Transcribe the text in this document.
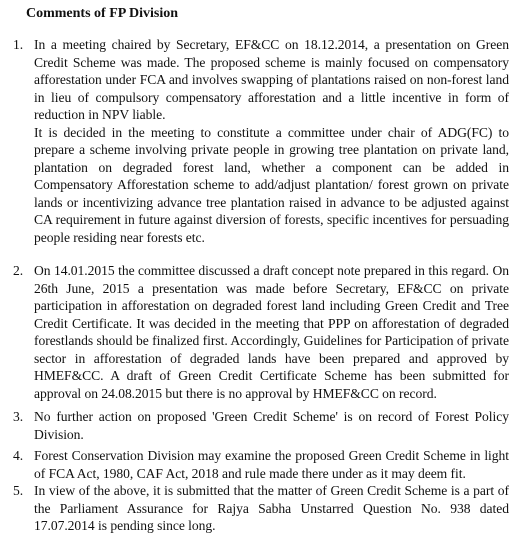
Comments of FP Division
1. In a meeting chaired by Secretary, EF&CC on 18.12.2014, a presentation on Green Credit Scheme was made. The proposed scheme is mainly focused on compensatory afforestation under FCA and involves swapping of plantations raised on non-forest land in lieu of compulsory compensatory afforestation and a little incentive in form of reduction in NPV liable.

It is decided in the meeting to constitute a committee under chair of ADG(FC) to prepare a scheme involving private people in growing tree plantation on private land, plantation on degraded forest land, whether a component can be added in Compensatory Afforestation scheme to add/adjust plantation/ forest grown on private lands or incentivizing advance tree plantation raised in advance to be adjusted against CA requirement in future against diversion of forests, specific incentives for persuading people residing near forests etc.

2. On 14.01.2015 the committee discussed a draft concept note prepared in this regard. On 26th June, 2015 a presentation was made before Secretary, EF&CC on private participation in afforestation on degraded forest land including Green Credit and Tree Credit Certificate. It was decided in the meeting that PPP on afforestation of degraded forestlands should be finalized first. Accordingly, Guidelines for Participation of private sector in afforestation of degraded lands have been prepared and approved by HMEF&CC. A draft of Green Credit Certificate Scheme has been submitted for approval on 24.08.2015 but there is no approval by HMEF&CC on record.

3. No further action on proposed 'Green Credit Scheme' is on record of Forest Policy Division.

4. Forest Conservation Division may examine the proposed Green Credit Scheme in light of FCA Act, 1980, CAF Act, 2018 and rule made there under as it may deem fit.

5. In view of the above, it is submitted that the matter of Green Credit Scheme is a part of the Parliament Assurance for Rajya Sabha Unstarred Question No. 938 dated 17.07.2014 is pending since long.
